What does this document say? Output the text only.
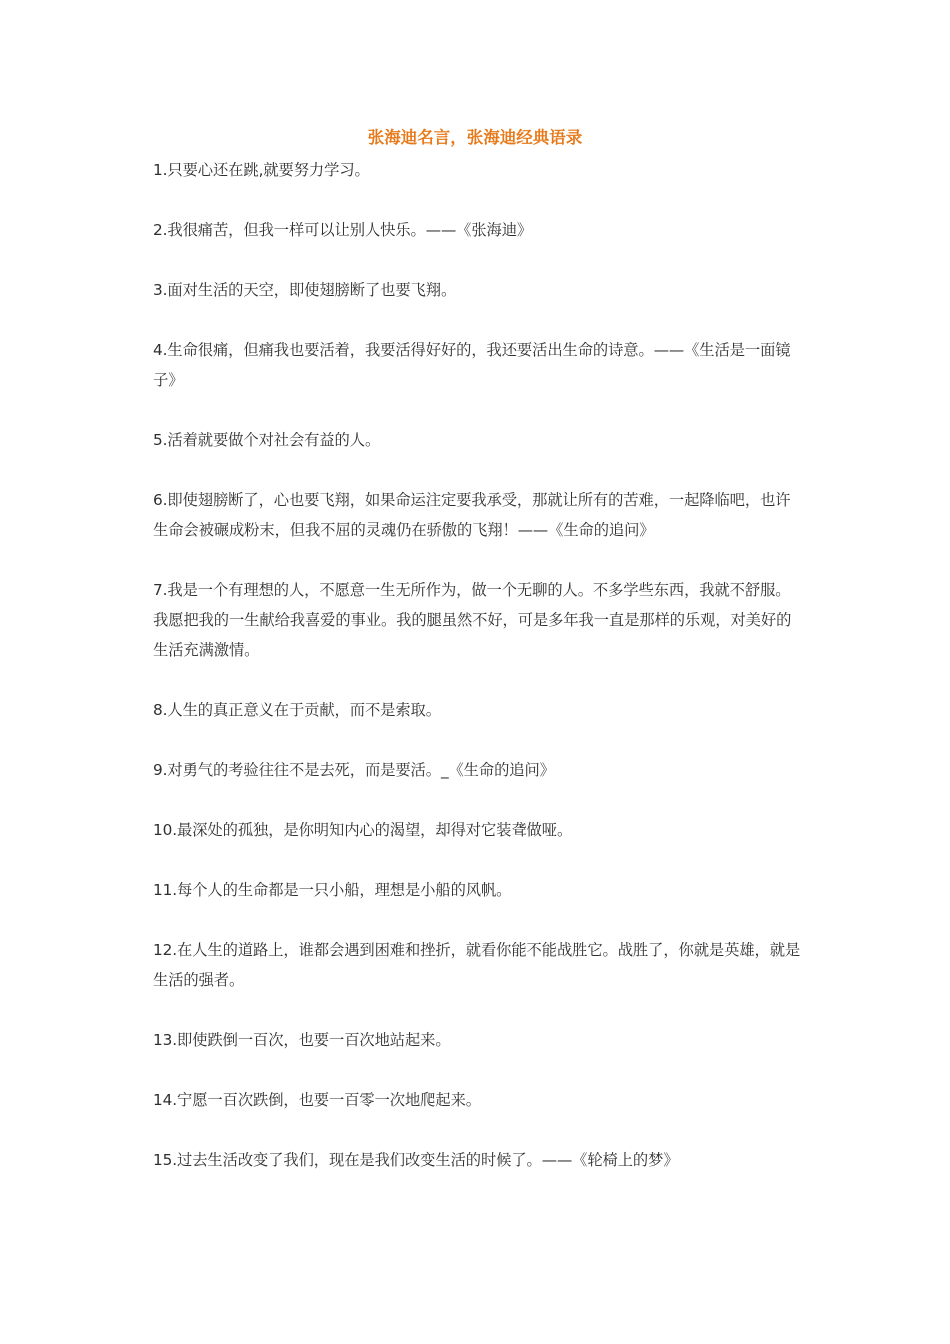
张海迪名言，张海迪经典语录
1.只要心还在跳,就要努力学习。
2.我很痛苦，但我一样可以让别人快乐。——《张海迪》
3.面对生活的天空，即使翅膀断了也要飞翔。
4.生命很痛，但痛我也要活着，我要活得好好的，我还要活出生命的诗意。——《生活是一面镜子》
5.活着就要做个对社会有益的人。
6.即使翅膀断了，心也要飞翔，如果命运注定要我承受，那就让所有的苦难，一起降临吧，也许生命会被碾成粉末，但我不屈的灵魂仍在骄傲的飞翔！——《生命的追问》
7.我是一个有理想的人，不愿意一生无所作为，做一个无聊的人。不多学些东西，我就不舒服。我愿把我的一生献给我喜爱的事业。我的腿虽然不好，可是多年我一直是那样的乐观，对美好的生活充满激情。
8.人生的真正意义在于贡献，而不是索取。
9.对勇气的考验往往不是去死，而是要活。_《生命的追问》
10.最深处的孤独，是你明知内心的渴望，却得对它装聋做哑。
11.每个人的生命都是一只小船，理想是小船的风帆。
12.在人生的道路上，谁都会遇到困难和挫折，就看你能不能战胜它。战胜了，你就是英雄，就是生活的强者。
13.即使跌倒一百次，也要一百次地站起来。
14.宁愿一百次跌倒，也要一百零一次地爬起来。
15.过去生活改变了我们，现在是我们改变生活的时候了。——《轮椅上的梦》
